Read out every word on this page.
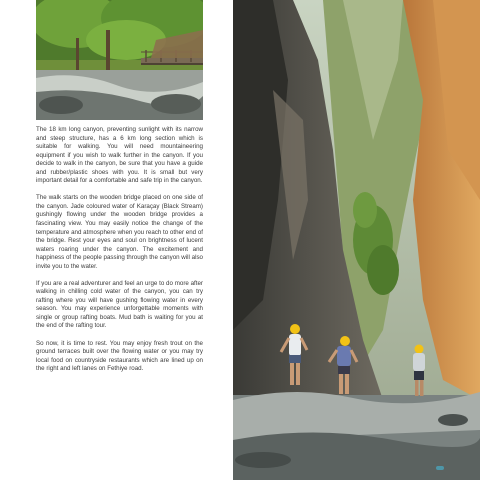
The 18 km long canyon, preventing sunlight with its narrow and steep structure, has a 6 km long section which is suitable for walking. You will need mountaineering equipment if you wish to walk further in the canyon. If you decide to walk in the canyon, be sure that you have a guide and rubber/plastic shoes with you. It is small but very important detail for a comfortable and safe trip in the canyon.

The walk starts on the wooden bridge placed on one side of the canyon. Jade coloured water of Karaçay (Black Stream) gushingly flowing under the wooden bridge provides a fascinating view. You may easily notice the change of the temperature and atmosphere when you reach to other end of the bridge. Rest your eyes and soul on brightness of lucent waters roaring under the canyon. The excitement and happiness of the people passing through the canyon will also invite you to the water.

If you are a real adventurer and feel an urge to do more after walking in chilling cold water of the canyon, you can try rafting where you will have gushing flowing water in every season. You may experience unforgettable moments with single or group rafting boats. Mud bath is waiting for you at the end of the rafting tour.

So now, it is time to rest. You may enjoy fresh trout on the ground terraces built over the flowing water or you may try local food on countryside restaurants which are lined up on the right and left lanes on Fethiye road.
